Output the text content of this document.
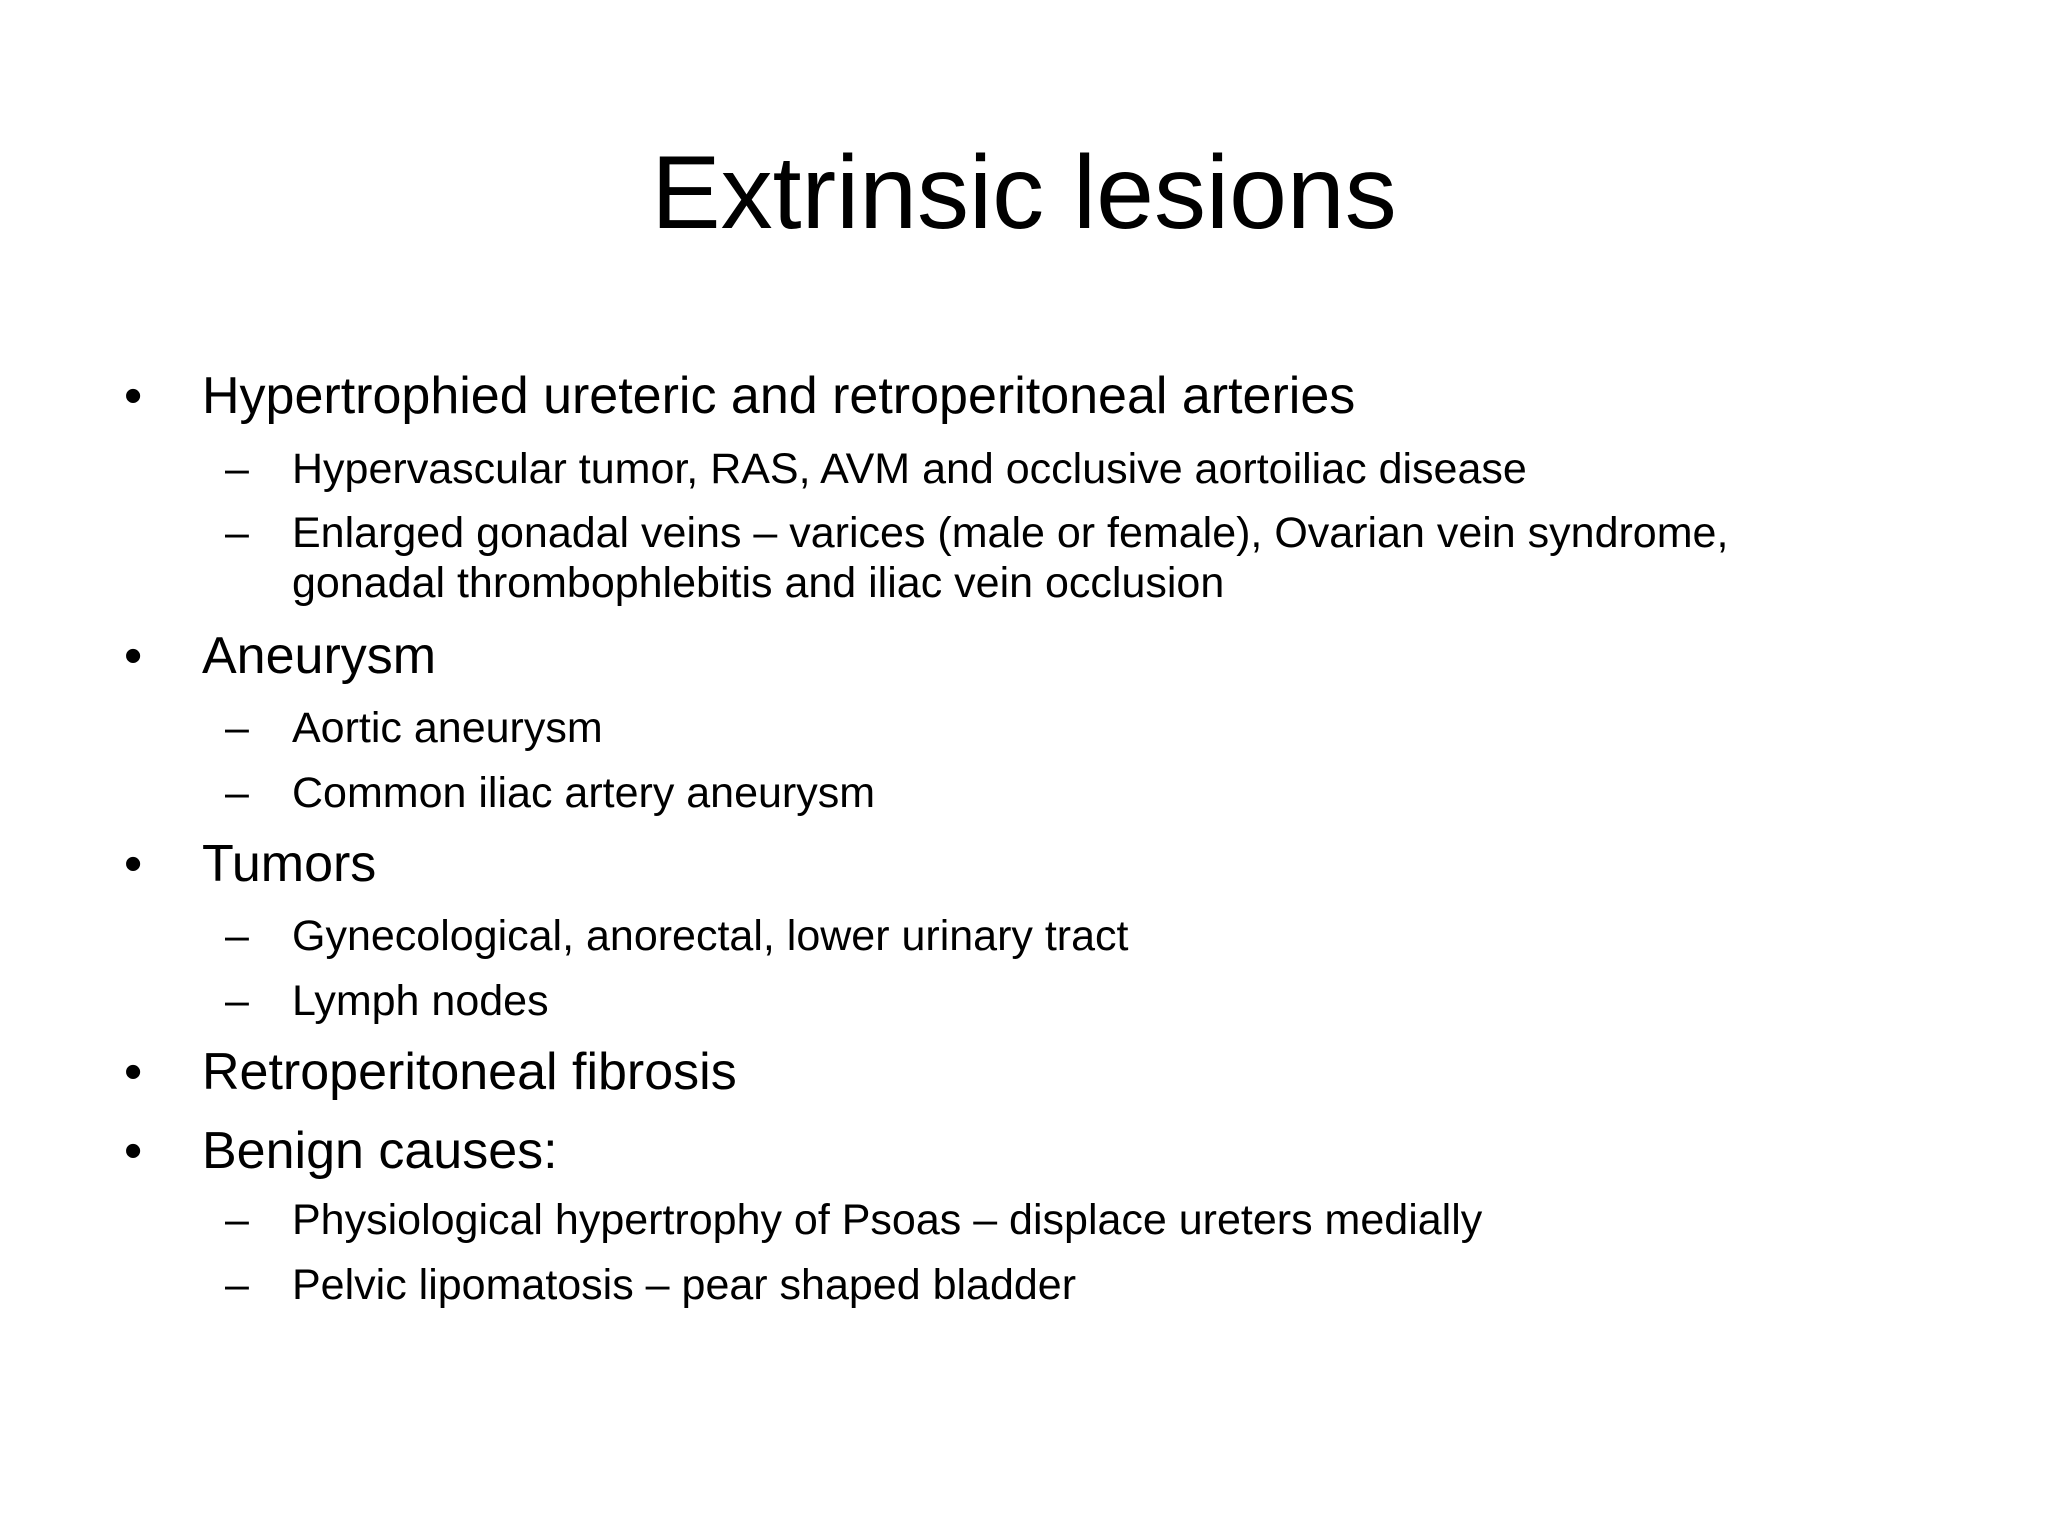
Extrinsic lesions
• Hypertrophied ureteric and retroperitoneal arteries
– Hypervascular tumor, RAS, AVM and occlusive aortoiliac disease
– Enlarged gonadal veins – varices (male or female), Ovarian vein syndrome,
gonadal thrombophlebitis and iliac vein occlusion
• Aneurysm
– Aortic aneurysm
– Common iliac artery aneurysm
• Tumors
– Gynecological, anorectal, lower urinary tract
– Lymph nodes
• Retroperitoneal fibrosis
• Benign causes:
– Physiological hypertrophy of Psoas – displace ureters medially
– Pelvic lipomatosis – pear shaped bladder
